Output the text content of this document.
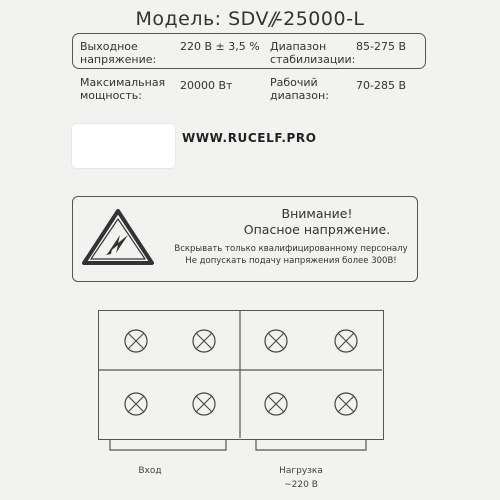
Модель: SDV//-25000-L
Выходное
напряжение:
220 В ± 3,5 % Диапазон
стабилизации:
85-275 В
Максимальная
мощность:
20000 Вт	Рабочий
диапазон:
70-285 В
WWW.RUCELF.PRO
Внимание!
Опасное напряжение.
Вскрывать только квалифицированному персоналу
Не допускать подачу напряжения более 300В!
Вход	Нагрузка
~220 В
